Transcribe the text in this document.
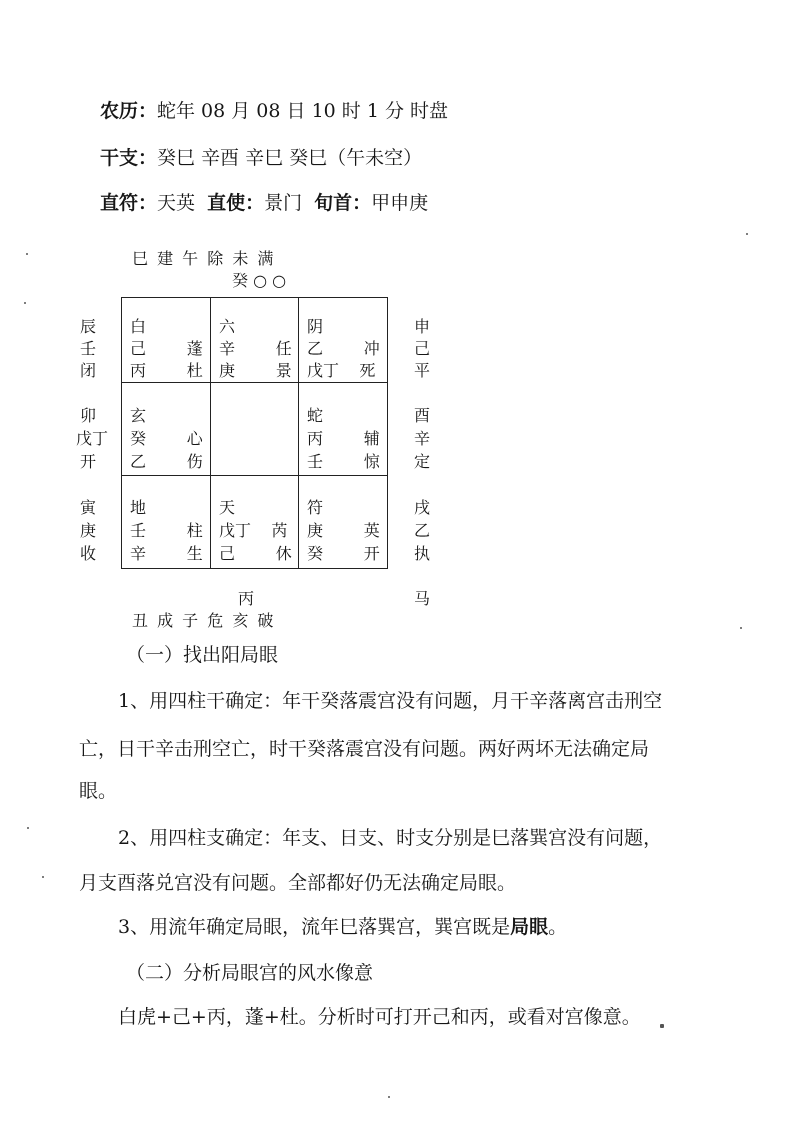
农历：蛇年 08 月 08 日 10 时 1 分 时盘
干支：癸巳 辛酉 辛巳 癸巳（午未空）
直符：天英 直使：景门 旬首：甲申庚
巳 建 午 除 未 满
癸 ○ ○
辰
壬
闭
卯
戊丁
开
寅
庚
收
申
己
平
酉
辛
定
戌
乙
执
白
己        蓬
丙        杜
六
辛        任
庚        景
阴
乙        冲
戊丁    死
玄
癸        心
乙        伤
蛇
丙        辅
壬        惊
地
壬        柱
辛        生
天
戊丁    芮
己        休
符
庚        英
癸        开
丙	马
丑 成 子 危 亥 破
（一）找出阳局眼
1、用四柱干确定：年干癸落震宫没有问题，月干辛落离宫击刑空
亡，日干辛击刑空亡，时干癸落震宫没有问题。两好两坏无法确定局
眼。
2、用四柱支确定：年支、日支、时支分别是巳落巽宫没有问题，
月支酉落兑宫没有问题。全部都好仍无法确定局眼。
3、用流年确定局眼，流年巳落巽宫，巽宫既是局眼。
（二）分析局眼宫的风水像意
白虎+己+丙，蓬+杜。分析时可打开己和丙，或看对宫像意。
